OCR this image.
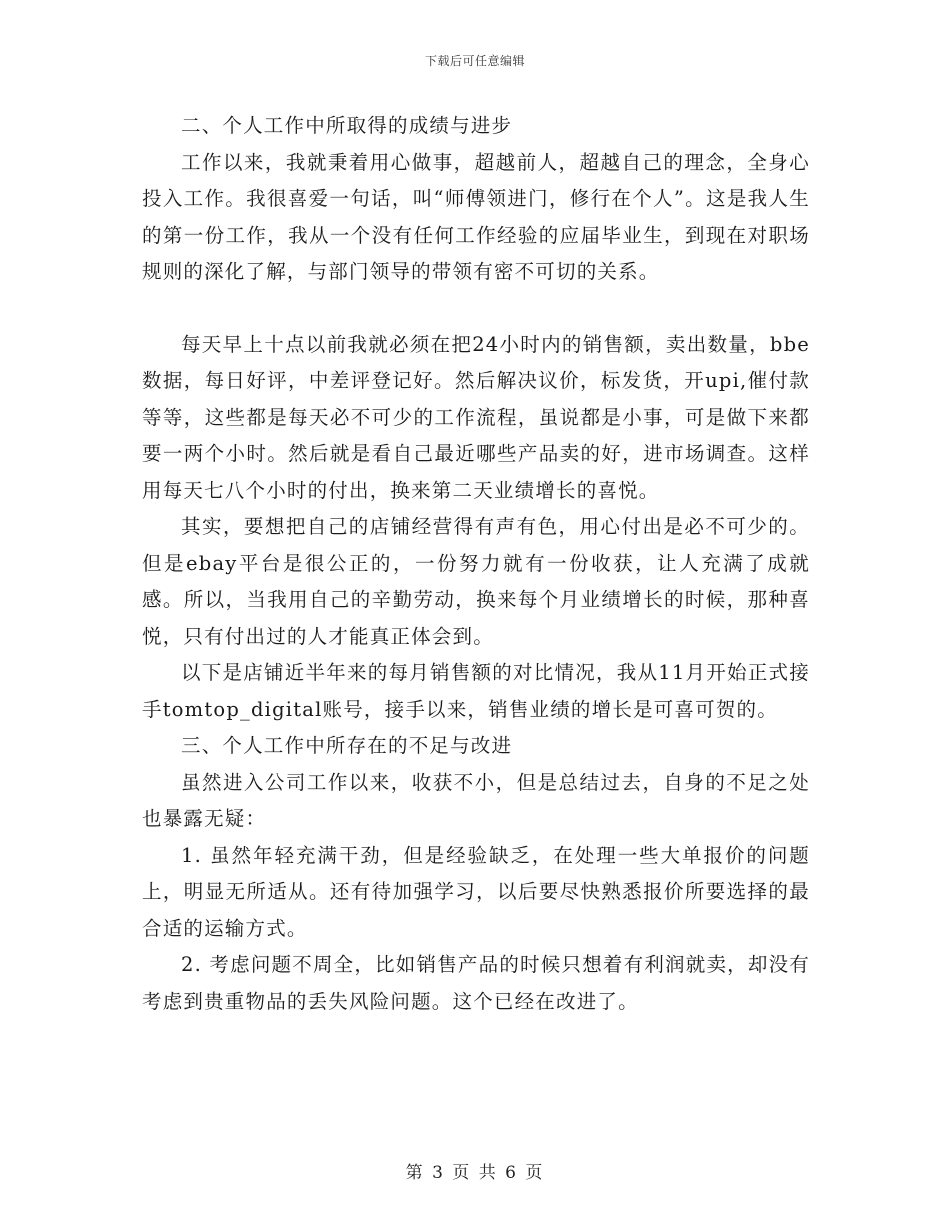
下载后可任意编辑

二、个人工作中所取得的成绩与进步

工作以来，我就秉着用心做事，超越前人，超越自己的理念，全身心投入工作。我很喜爱一句话，叫“师傅领进门，修行在个人”。这是我人生的第一份工作，我从一个没有任何工作经验的应届毕业生，到现在对职场规则的深化了解，与部门领导的带领有密不可切的关系。

每天早上十点以前我就必须在把24小时内的销售额，卖出数量，bbe数据，每日好评，中差评登记好。然后解决议价，标发货，开upi,催付款等等，这些都是每天必不可少的工作流程，虽说都是小事，可是做下来都要一两个小时。然后就是看自己最近哪些产品卖的好，进市场调查。这样用每天七八个小时的付出，换来第二天业绩增长的喜悦。

其实，要想把自己的店铺经营得有声有色，用心付出是必不可少的。但是ebay平台是很公正的，一份努力就有一份收获，让人充满了成就感。所以，当我用自己的辛勤劳动，换来每个月业绩增长的时候，那种喜悦，只有付出过的人才能真正体会到。

以下是店铺近半年来的每月销售额的对比情况，我从11月开始正式接手tomtop_digital账号，接手以来，销售业绩的增长是可喜可贺的。

三、个人工作中所存在的不足与改进

虽然进入公司工作以来，收获不小，但是总结过去，自身的不足之处也暴露无疑：

1. 虽然年轻充满干劲，但是经验缺乏，在处理一些大单报价的问题上，明显无所适从。还有待加强学习，以后要尽快熟悉报价所要选择的最合适的运输方式。

2. 考虑问题不周全，比如销售产品的时候只想着有利润就卖，却没有考虑到贵重物品的丢失风险问题。这个已经在改进了。

第 3 页 共 6 页
